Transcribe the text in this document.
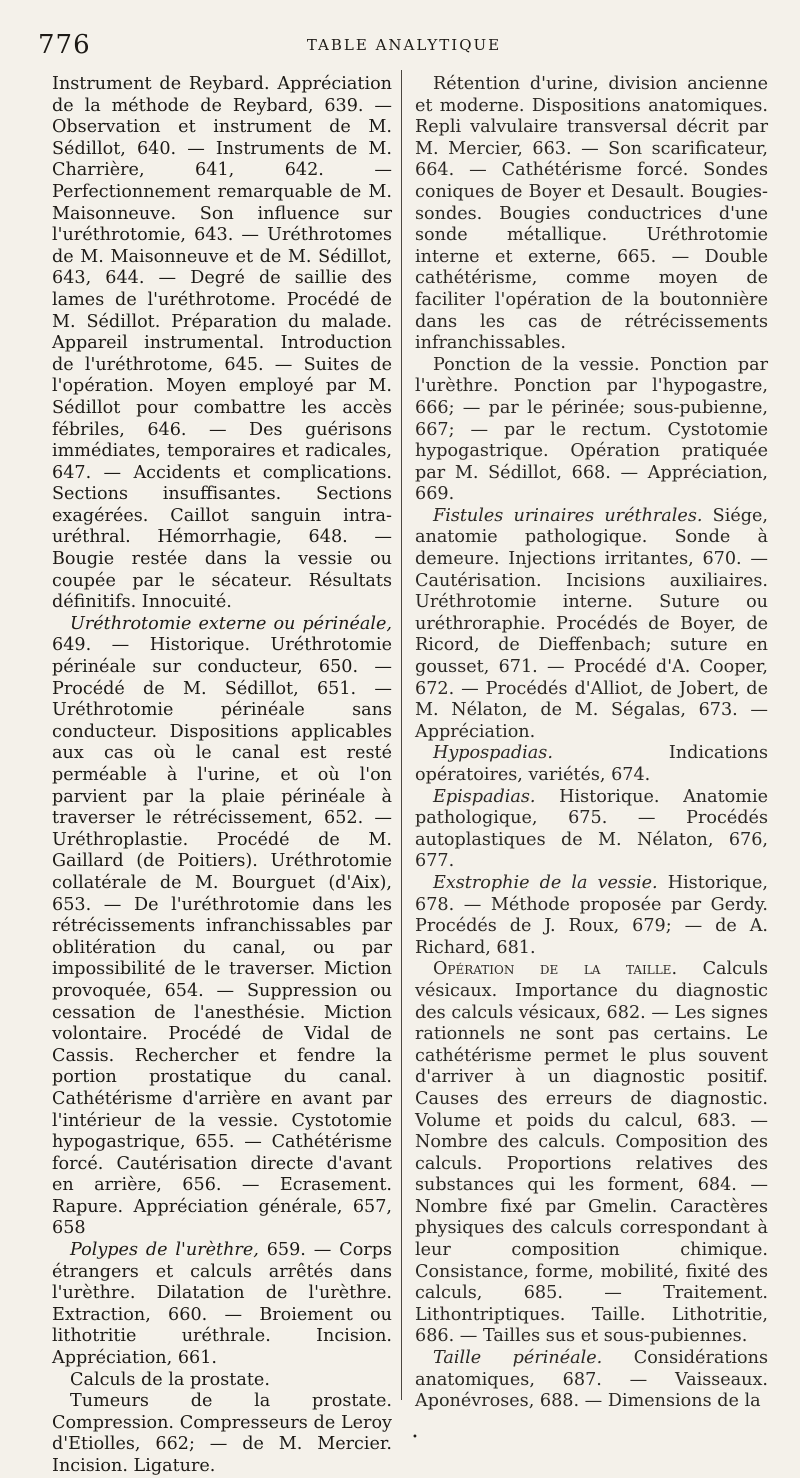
776	TABLE ANALYTIQUE

Instrument de Reybard. Appréciation de la méthode de Reybard, 639. — Observation et instrument de M. Sédillot, 640. — Instruments de M. Charrière, 641, 642. — Perfectionnement remarquable de M. Maisonneuve. Son influence sur l'uréthrotomie, 643. — Uréthrotomes de M. Maisonneuve et de M. Sédillot, 643, 644. — Degré de saillie des lames de l'uréthrotome. Procédé de M. Sédillot. Préparation du malade. Appareil instrumental. Introduction de l'uréthrotome, 645. — Suites de l'opération. Moyen employé par M. Sédillot pour combattre les accès fébriles, 646. — Des guérisons immédiates, temporaires et radicales, 647. — Accidents et complications. Sections insuffisantes. Sections exagérées. Caillot sanguin intra-uréthral. Hémorrhagie, 648. — Bougie restée dans la vessie ou coupée par le sécateur. Résultats définitifs. Innocuité.

Uréthrotomie externe ou périnéale, 649. — Historique. Uréthrotomie périnéale sur conducteur, 650. — Procédé de M. Sédillot, 651. — Uréthrotomie périnéale sans conducteur. Dispositions applicables aux cas où le canal est resté perméable à l'urine, et où l'on parvient par la plaie périnéale à traverser le rétrécissement, 652. — Uréthroplastie. Procédé de M. Gaillard (de Poitiers). Uréthrotomie collatérale de M. Bourguet (d'Aix), 653. — De l'uréthrotomie dans les rétrécissements infranchissables par oblitération du canal, ou par impossibilité de le traverser. Miction provoquée, 654. — Suppression ou cessation de l'anesthésie. Miction volontaire. Procédé de Vidal de Cassis. Rechercher et fendre la portion prostatique du canal. Cathétérisme d'arrière en avant par l'intérieur de la vessie. Cystotomie hypogastrique, 655. — Cathétérisme forcé. Cautérisation directe d'avant en arrière, 656. — Ecrasement. Rapure. Appréciation générale, 657, 658

Polypes de l'urèthre, 659. — Corps étrangers et calculs arrêtés dans l'urèthre. Dilatation de l'urèthre. Extraction, 660. — Broiement ou lithotritie uréthrale. Incision. Appréciation, 661.

Calculs de la prostate.

Tumeurs de la prostate. Compression. Compresseurs de Leroy d'Etiolles, 662; — de M. Mercier. Incision. Ligature.

Rétention d'urine, division ancienne et moderne. Dispositions anatomiques. Repli valvulaire transversal décrit par M. Mercier, 663. — Son scarificateur, 664. — Cathétérisme forcé. Sondes coniques de Boyer et Desault. Bougies-sondes. Bougies conductrices d'une sonde métallique. Uréthrotomie interne et externe, 665. — Double cathétérisme, comme moyen de faciliter l'opération de la boutonnière dans les cas de rétrécissements infranchissables.

Ponction de la vessie. Ponction par l'urèthre. Ponction par l'hypogastre, 666; — par le périnée; sous-pubienne, 667; — par le rectum. Cystotomie hypogastrique. Opération pratiquée par M. Sédillot, 668. — Appréciation, 669.

Fistules urinaires uréthrales. Siége, anatomie pathologique. Sonde à demeure. Injections irritantes, 670. — Cautérisation. Incisions auxiliaires. Uréthrotomie interne. Suture ou uréthroraphie. Procédés de Boyer, de Ricord, de Dieffenbach; suture en gousset, 671. — Procédé d'A. Cooper, 672. — Procédés d'Alliot, de Jobert, de M. Nélaton, de M. Ségalas, 673. — Appréciation.

Hypospadias. Indications opératoires, variétés, 674.

Epispadias. Historique. Anatomie pathologique, 675. — Procédés autoplastiques de M. Nélaton, 676, 677.

Exstrophie de la vessie. Historique, 678. — Méthode proposée par Gerdy. Procédés de J. Roux, 679; — de A. Richard, 681.

Opération de la taille. Calculs vésicaux. Importance du diagnostic des calculs vésicaux, 682. — Les signes rationnels ne sont pas certains. Le cathétérisme permet le plus souvent d'arriver à un diagnostic positif. Causes des erreurs de diagnostic. Volume et poids du calcul, 683. — Nombre des calculs. Composition des calculs. Proportions relatives des substances qui les forment, 684. — Nombre fixé par Gmelin. Caractères physiques des calculs correspondant à leur composition chimique. Consistance, forme, mobilité, fixité des calculs, 685. — Traitement. Lithontriptiques. Taille. Lithotritie, 686. — Tailles sus et sous-pubiennes.

Taille périnéale. Considérations anatomiques, 687. — Vaisseaux. Aponévroses, 688. — Dimensions de la

•
